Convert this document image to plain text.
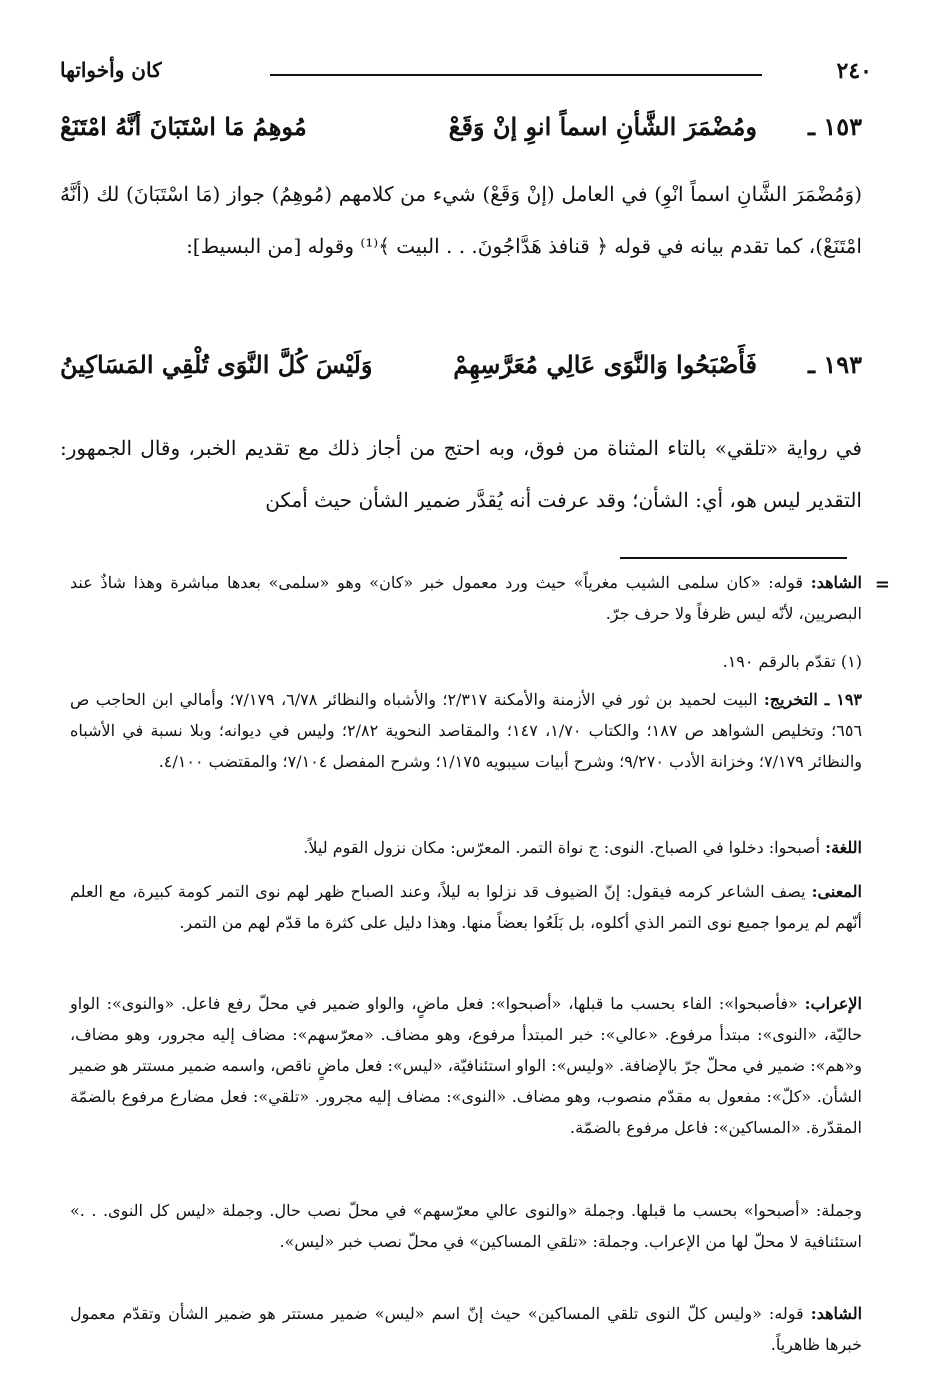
٢٤٠
كان وأخواتها
١٥٣ ـ
ومُضْمَرَ الشَّأنِ اسماً انوِ إنْ وَقَعْ
مُوهِمُ مَا اسْتَبَانَ أنَّهُ امْتَنَعْ

(وَمُضْمَرَ الشَّانِ اسماً انْوِ) في العامل (إنْ وَقَعْ) شيء من كلامهم (مُوهِمُ) جواز (مَا اسْتَبَانَ) لك (أنَّهُ امْتَنَعْ)، كما تقدم بيانه في قوله ﴿ قنافذ هَدَّاجُونَ. . . البيت ﴾⁽¹⁾ وقوله [من البسيط]:

١٩٣ ـ
فَأَصْبَحُوا وَالنَّوَى عَالِي مُعَرَّسِهِمْ
وَلَيْسَ كُلَّ النَّوَى تُلْقِي المَسَاكِينُ

في رواية «تلقي» بالتاء المثناة من فوق، وبه احتج من أجاز ذلك مع تقديم الخبر، وقال الجمهور: التقدير ليس هو، أي: الشأن؛ وقد عرفت أنه يُقدَّر ضمير الشأن حيث أمكن

=

الشاهد: قوله: «كان سلمى الشيب مغرياً» حيث ورد معمول خبر «كان» وهو «سلمى» بعدها مباشرة وهذا شاذٌ عند البصريين، لأنّه ليس ظرفاً ولا حرف جرّ.

(١) تقدّم بالرقم ١٩٠.

١٩٣ ـ التخريج: البيت لحميد بن ثور في الأزمنة والأمكنة ٢/٣١٧؛ والأشباه والنظائر ٦/٧٨، ٧/١٧٩؛ وأمالي ابن الحاجب ص ٦٥٦؛ وتخليص الشواهد ص ١٨٧؛ والكتاب ١/٧٠، ١٤٧؛ والمقاصد النحوية ٢/٨٢؛ وليس في ديوانه؛ وبلا نسبة في الأشباه والنظائر ٧/١٧٩؛ وخزانة الأدب ٩/٢٧٠؛ وشرح أبيات سيبويه ١/١٧٥؛ وشرح المفصل ٧/١٠٤؛ والمقتضب ٤/١٠٠.

اللغة: أصبحوا: دخلوا في الصباح. النوى: ج نواة التمر. المعرّس: مكان نزول القوم ليلاً.

المعنى: يصف الشاعر كرمه فيقول: إنّ الضيوف قد نزلوا به ليلاً، وعند الصباح ظهر لهم نوى التمر كومة كبيرة، مع العلم أنّهم لم يرموا جميع نوى التمر الذي أكلوه، بل بَلَعُوا بعضاً منها. وهذا دليل على كثرة ما قدّم لهم من التمر.

الإعراب: «فأصبحوا»: الفاء بحسب ما قبلها، «أصبحوا»: فعل ماضٍ، والواو ضمير في محلّ رفع فاعل. «والنوى»: الواو حاليّة، «النوى»: مبتدأ مرفوع. «عالي»: خبر المبتدأ مرفوع، وهو مضاف. «معرّسهم»: مضاف إليه مجرور، وهو مضاف، و«هم»: ضمير في محلّ جرّ بالإضافة. «وليس»: الواو استئنافيّة، «ليس»: فعل ماضٍ ناقص، واسمه ضمير مستتر هو ضمير الشأن. «كلّ»: مفعول به مقدّم منصوب، وهو مضاف. «النوى»: مضاف إليه مجرور. «تلقي»: فعل مضارع مرفوع بالضمّة المقدّرة. «المساكين»: فاعل مرفوع بالضمّة.

وجملة: «أصبحوا» بحسب ما قبلها. وجملة «والنوى عالي معرّسهم» في محلّ نصب حال. وجملة «ليس كل النوى. . .» استئنافية لا محلّ لها من الإعراب. وجملة: «تلقي المساكين» في محلّ نصب خبر «ليس».

الشاهد: قوله: «وليس كلّ النوى تلقي المساكين» حيث إنّ اسم «ليس» ضمير مستتر هو ضمير الشأن وتقدّم معمول خبرها ظاهرياً.
